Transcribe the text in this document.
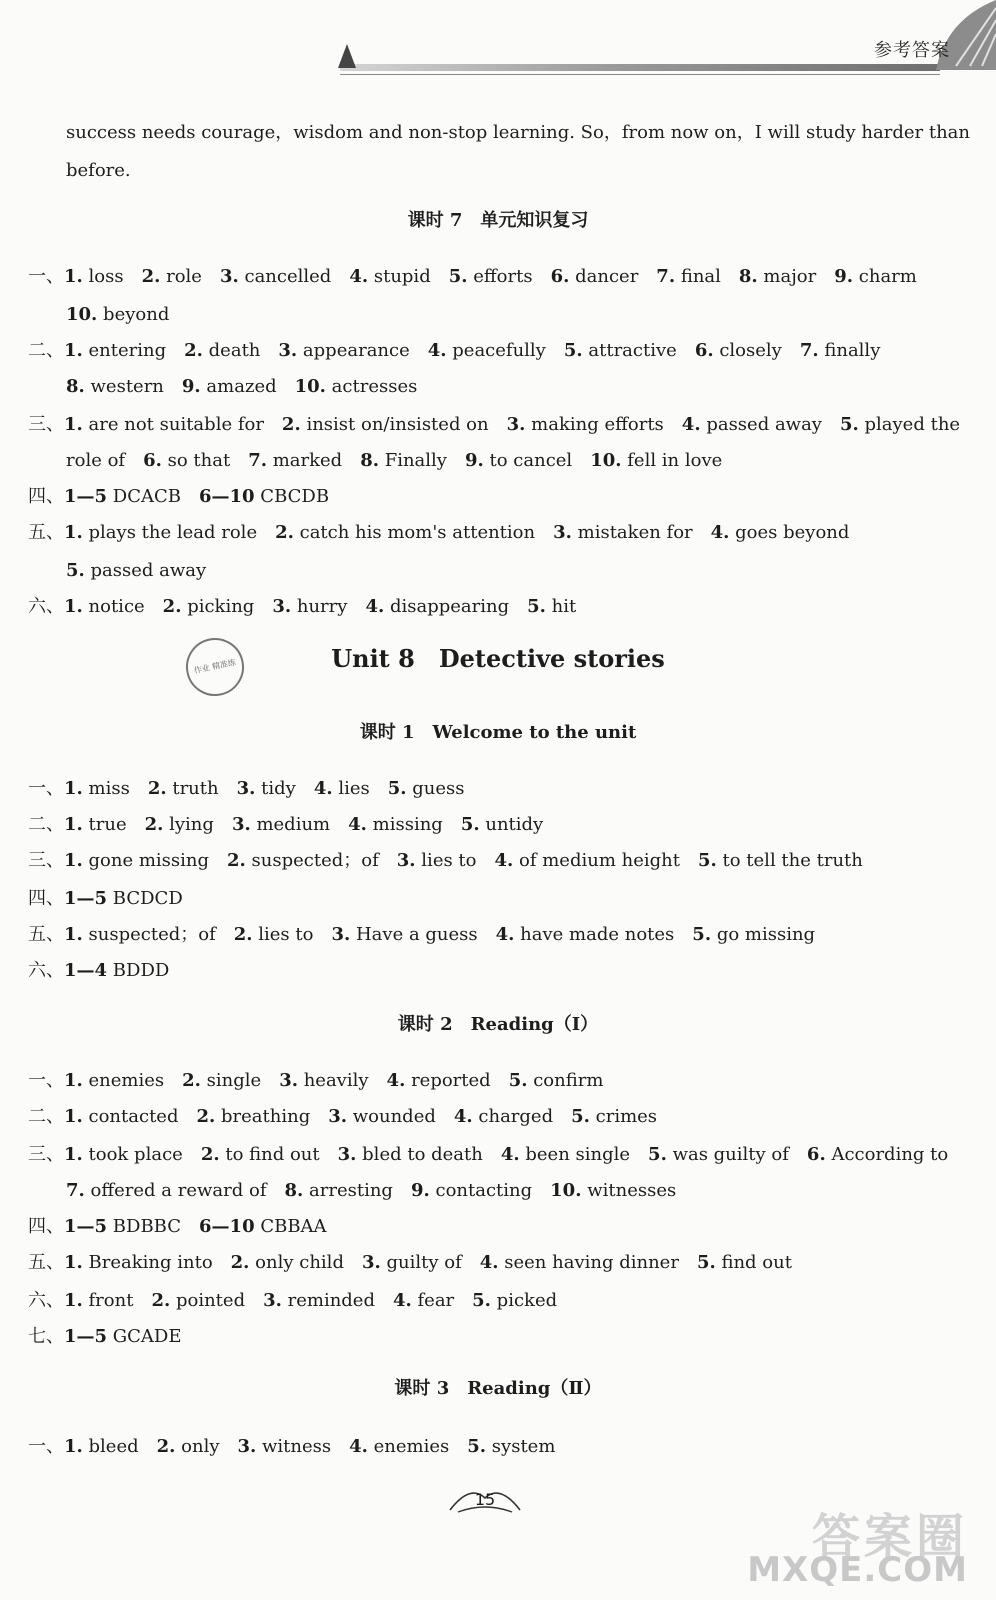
参考答案
success needs courage，wisdom and non-stop learning. So，from now on，I will study harder than
before.
课时 7　单元知识复习
一、1. loss 2. role 3. cancelled 4. stupid 5. efforts 6. dancer 7. final 8. major 9. charm
10. beyond
二、1. entering 2. death 3. appearance 4. peacefully 5. attractive 6. closely 7. finally
8. western 9. amazed 10. actresses
三、1. are not suitable for 2. insist on/insisted on 3. making efforts 4. passed away 5. played the
role of 6. so that 7. marked 8. Finally 9. to cancel 10. fell in love
四、1—5 DCACB 6—10 CBCDB
五、1. plays the lead role 2. catch his mom's attention 3. mistaken for 4. goes beyond
5. passed away
六、1. notice 2. picking 3. hurry 4. disappearing 5. hit
作业 精准练	Unit 8　Detective stories
课时 1　Welcome to the unit
一、1. miss 2. truth 3. tidy 4. lies 5. guess
二、1. true 2. lying 3. medium 4. missing 5. untidy
三、1. gone missing 2. suspected；of 3. lies to 4. of medium height 5. to tell the truth
四、1—5 BCDCD
五、1. suspected；of 2. lies to 3. Have a guess 4. have made notes 5. go missing
六、1—4 BDDD
课时 2　Reading（Ⅰ）
一、1. enemies 2. single 3. heavily 4. reported 5. confirm
二、1. contacted 2. breathing 3. wounded 4. charged 5. crimes
三、1. took place 2. to find out 3. bled to death 4. been single 5. was guilty of 6. According to
7. offered a reward of 8. arresting 9. contacting 10. witnesses
四、1—5 BDBBC 6—10 CBBAA
五、1. Breaking into 2. only child 3. guilty of 4. seen having dinner 5. find out
六、1. front 2. pointed 3. reminded 4. fear 5. picked
七、1—5 GCADE
课时 3　Reading（Ⅱ）
一、1. bleed 2. only 3. witness 4. enemies 5. system
15
答案圈
MXQE.COM
